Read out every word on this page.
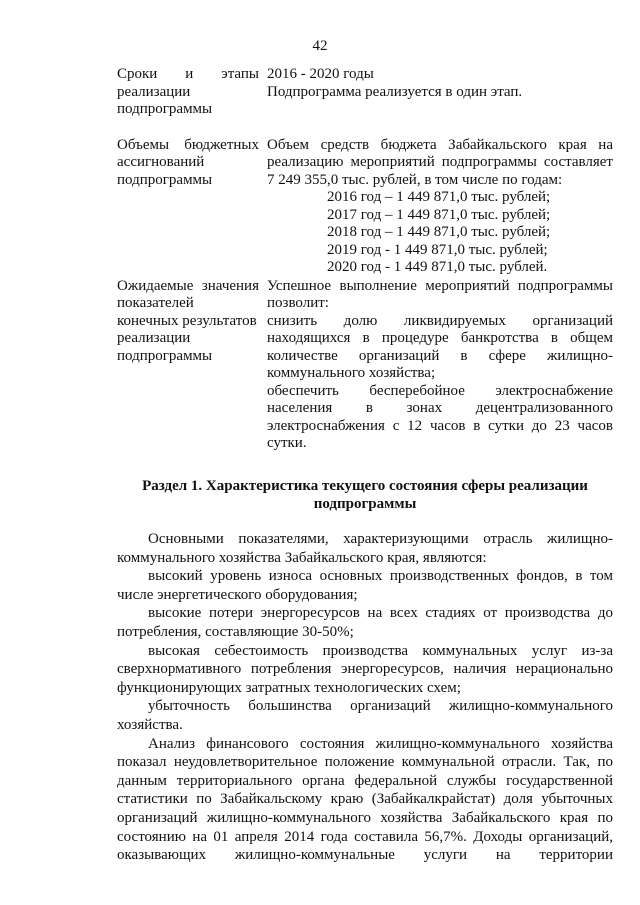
42
Сроки и этапы
реализации
подпрограммы
2016 - 2020 годы
Подпрограмма реализуется в один этап.
Объемы бюджетных
ассигнований
подпрограммы
Объем средств бюджета Забайкальского края на
реализацию мероприятий подпрограммы составляет
7 249 355,0 тыс. рублей, в том числе по годам:
2016 год – 1 449 871,0 тыс. рублей;
2017 год – 1 449 871,0 тыс. рублей;
2018 год – 1 449 871,0 тыс. рублей;
2019 год - 1 449 871,0 тыс. рублей;
2020 год - 1 449 871,0 тыс. рублей.
Ожидаемые значения
показателей
конечных результатов
реализации
подпрограммы
Успешное выполнение мероприятий подпрограммы
позволит:
снизить долю ликвидируемых организаций
находящихся в процедуре банкротства в общем
количестве организаций в сфере жилищно-
коммунального хозяйства;
обеспечить бесперебойное электроснабжение
населения в зонах децентрализованного
электроснабжения с 12 часов в сутки до 23 часов
сутки.
Раздел 1. Характеристика текущего состояния сферы реализации
подпрограммы
Основными показателями, характеризующими отрасль жилищно-
коммунального хозяйства Забайкальского края, являются:
высокий уровень износа основных производственных фондов, в том
числе энергетического оборудования;
высокие потери энергоресурсов на всех стадиях от производства до
потребления, составляющие 30-50%;
высокая себестоимость производства коммунальных услуг из-за
сверхнормативного потребления энергоресурсов, наличия нерационально
функционирующих затратных технологических схем;
убыточность большинства организаций жилищно-коммунального
хозяйства.
Анализ финансового состояния жилищно-коммунального хозяйства
показал неудовлетворительное положение коммунальной отрасли. Так, по
данным территориального органа федеральной службы государственной
статистики по Забайкальскому краю (Забайкалкрайстат) доля убыточных
организаций жилищно-коммунального хозяйства Забайкальского края по
состоянию на 01 апреля 2014 года составила 56,7%. Доходы организаций,
оказывающих жилищно-коммунальные услуги на территории
